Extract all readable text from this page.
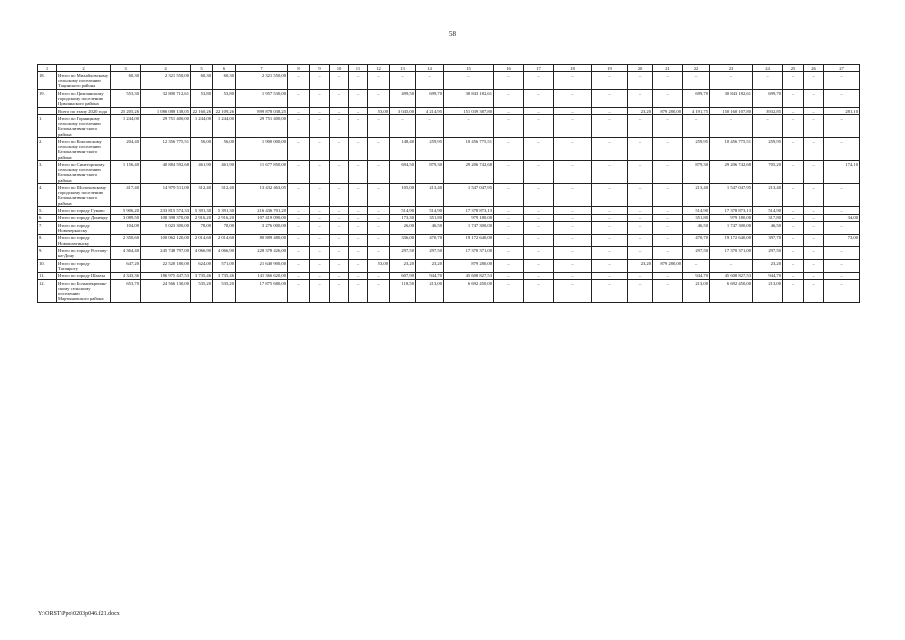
58
1	2	3	4	5	6	7	8	9	10	11	12	13	14	15	16	17	18	19	20	21	22	23	24	25	26	27
18.	Итого по Михайловскому сельскому поселению Тацинского района	60,30	2 321 550,00	60,30	60,30	2 321 550,00	–	–	–	–	–	–	–	–	–	–	–	–	–	–	–	–	–	–	–	–
19.	Итого по Цимлянскому городскому поселению Цимлянского района	553,30	32 800 712,61	53,80	53,80	1 957 530,00	–	–	–	–	–	499,50	699,70	30 843 182,61	–	–	–	–	–	–	699,70	30 843 182,61	699,70	–	–	–
	Всего по этапу 2020 года	25 205,26	1 086 088 138,05	22 160,26	22 109,26	899 878 038,25	–	–	–	–	53,00	3 045,00	4 214,95	151 039 387,80	–	–	–	–	23,20	879 280,00	4 191,75	150 160 107,80	3932,85	–	–	281,10
1.	Итого по Горняцкому сельскому поселению Белокалитвин-ского района	1 244,00	29 751 400,00	1 244,00	1 244,00	29 751 400,00	–	–	–	–	–	–	–	–	–	–	–	–	–	–	–	–	–	–	–	–
2.	Итого по Коксовскому сельскому поселению Белокалитвин-ского района	204,40	12 356 775,51	56,00	56,00	1 900 000,00	–	–	–	–	–	148,40	259,95	10 456 775,51	–	–	–	–	–	–	259,95	10 456 775,51	259,95	–	–	–
3.	Итого по Синегорскому сельскому поселению Белокалитвин-ского района	1 156,40	40 884 592,68	461,90	461,90	11 677 850,00	–	–	–	–	–	694,50	879,30	29 206 742,68	–	–	–	–	–	–	879,30	29 206 742,68	705,20	–	–	174,10
4.	Итого по Шолоховскому городскому поселению Белокалитвин-ского района	417,40	14 979 511,00	312,40	312,40	13 432 463,05	–	–	–	–	–	105,00	213,40	1 547 047,95	–	–	–	–	–	–	213,40	1 547 047,95	213,40	–	–	–
5.	Итого по городу Гуково	5 906,20	233 815 574,33	5 391,30	5 391,30	216 436 701,20	–	–	–	–	–	514,90	514,90	17 378 873,13	–	–	–	–	–	–	514,90	17 378 873,13	514,90	–	–	–
6.	Итого по городу Донецку	3 089,50	108 398 370,00	2 916,20	2 916,20	107 419 090,00	–	–	–	–	–	173,30	351,80	979 180,00	–	–	–	–	–	–	351,80	979 180,00	317,80	–	–	34,00
7.	Итого по городу Новочеркасску	104,00	5 023 300,00	78,00	78,00	3 276 000,00	–	–	–	–	–	26,00	46,50	1 747 300,00	–	–	–	–	–	–	46,50	1 747 300,00	46,50	–	–	–
8.	Итого по городу Новошахтинску	2 350,60	100 062 120,00	2 014,60	2 014,60	80 889 480,00	–	–	–	–	–	336,00	470,70	19 172 640,00	–	–	–	–	–	–	470,70	19 172 640,00	397,70	–	–	73,00
9.	Итого по городу Ростову-на-Дону	4 364,40	245 748 797,00	4 066,90	4 066,90	228 378 426,00	–	–	–	–	–	297,50	297,50	17 370 371,00	–	–	–	–	–	–	297,50	17 370 371,00	297,50	–	–	–
10.	Итого по городу Таганрогу	647,20	22 520 180,00	624,00	571,00	21 640 900,00	–	–	–	–	53,00	23,20	23,20	879 280,00	–	–	–	–	23,20	879 280,00	–	–	23,20	–	–	–
11.	Итого по городу Шахты	4 343,36	186 975 447,53	3 735,46	3 735,46	141 366 620,00	–	–	–	–	–	607,90	944,70	45 608 827,53	–	–	–	–	–	–	944,70	45 608 827,53	944,70	–	–	–
12.	Итого по Большекрепин-скому сельскому поселению Мартыновского района	653,70	24 566 130,00	535,20	535,20	17 875 680,00	–	–	–	–	–	118,50	213,00	6 692 450,00	–	–	–	–	–	–	213,00	6 692 450,00	213,00	–	–	–
Y:\ORST\Ppo\0203p046.f21.docx
